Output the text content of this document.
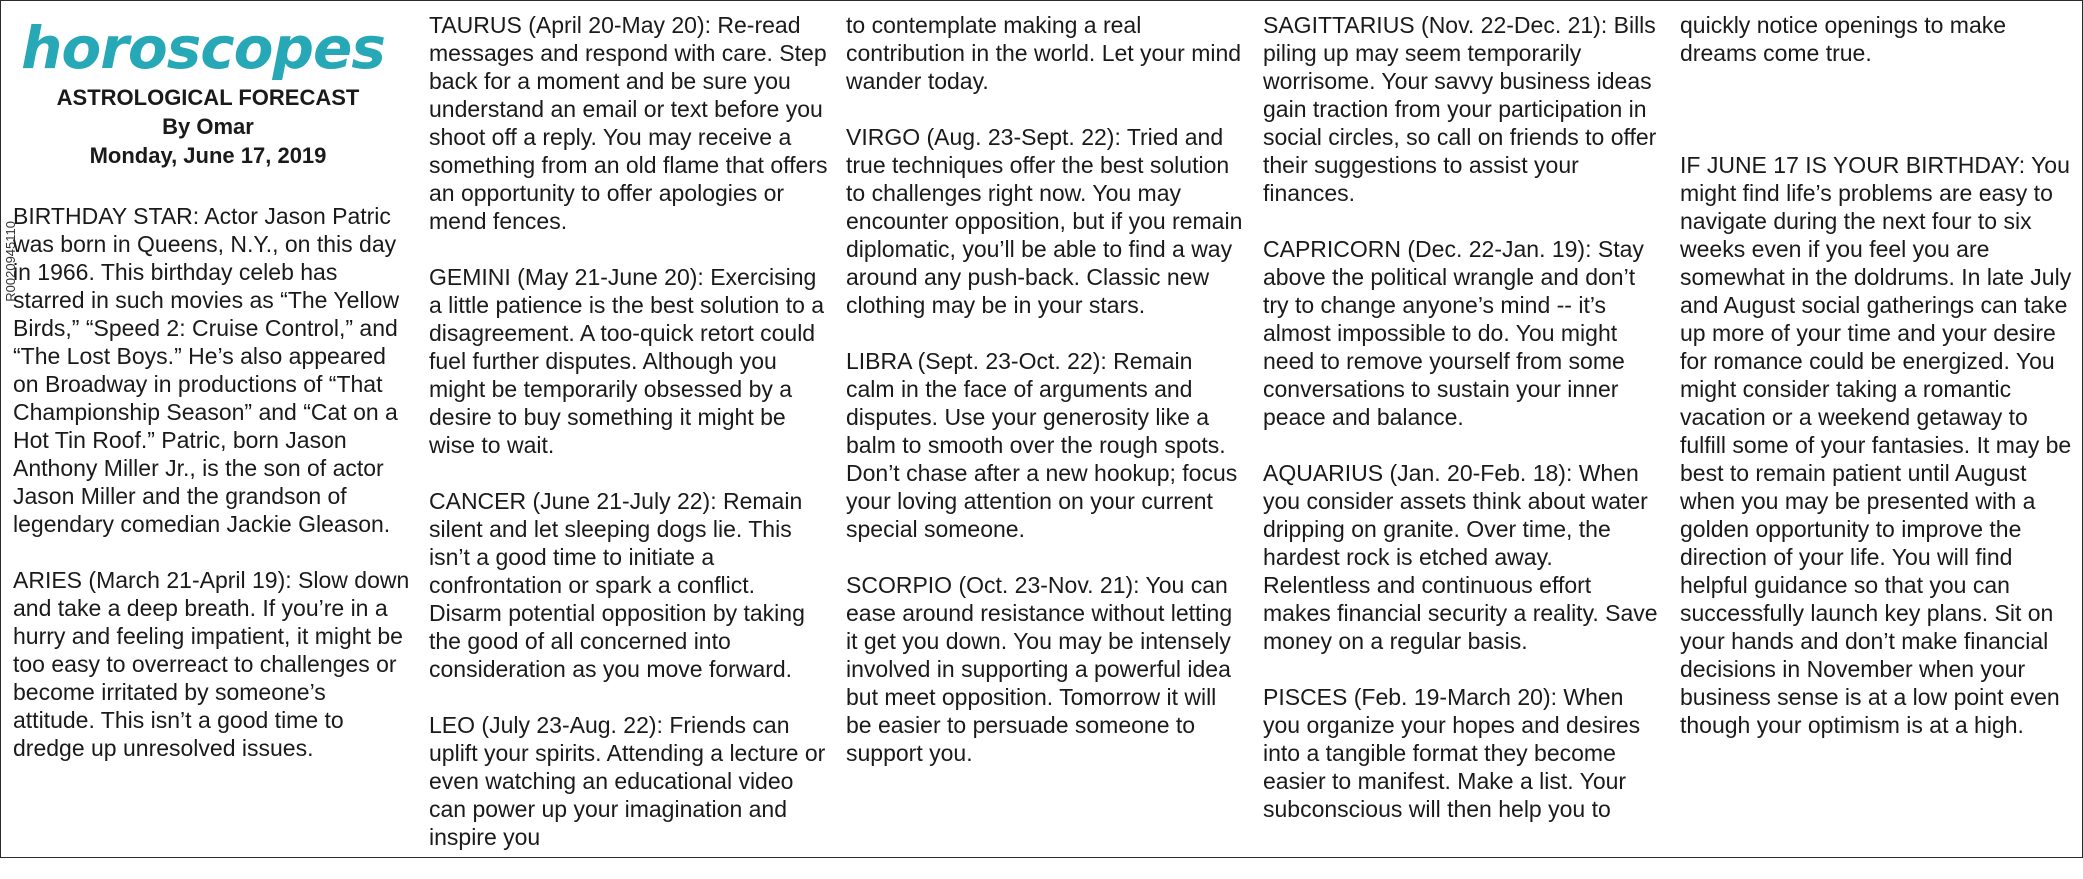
R0020945110
horoscopes
ASTROLOGICAL FORECAST
By Omar
Monday, June 17, 2019

BIRTHDAY STAR: Actor Jason Patric was born in Queens, N.Y., on this day in 1966. This birthday celeb has starred in such movies as “The Yellow Birds,” “Speed 2: Cruise Control,” and “The Lost Boys.” He’s also appeared on Broadway in productions of “That Championship Season” and “Cat on a Hot Tin Roof.” Patric, born Jason Anthony Miller Jr., is the son of actor Jason Miller and the grandson of legendary comedian Jackie Gleason.

ARIES (March 21-April 19): Slow down and take a deep breath. If you’re in a hurry and feeling impatient, it might be too easy to overreact to challenges or become irritated by someone’s attitude. This isn’t a good time to dredge up unresolved issues.

TAURUS (April 20-May 20): Re-read messages and respond with care. Step back for a moment and be sure you understand an email or text before you shoot off a reply. You may receive a something from an old flame that offers an opportunity to offer apologies or mend fences.

GEMINI (May 21-June 20): Exercising a little patience is the best solution to a disagreement. A too-quick retort could fuel further disputes. Although you might be temporarily obsessed by a desire to buy something it might be wise to wait.

CANCER (June 21-July 22): Remain silent and let sleeping dogs lie. This isn’t a good time to initiate a confrontation or spark a conflict. Disarm potential opposition by taking the good of all concerned into consideration as you move forward.

LEO (July 23-Aug. 22): Friends can uplift your spirits. Attending a lecture or even watching an educational video can power up your imagination and inspire you

to contemplate making a real contribution in the world. Let your mind wander today.

VIRGO (Aug. 23-Sept. 22): Tried and true techniques offer the best solution to challenges right now. You may encounter opposition, but if you remain diplomatic, you’ll be able to find a way around any push-back. Classic new clothing may be in your stars.

LIBRA (Sept. 23-Oct. 22): Remain calm in the face of arguments and disputes. Use your generosity like a balm to smooth over the rough spots. Don’t chase after a new hookup; focus your loving attention on your current special someone.

SCORPIO (Oct. 23-Nov. 21): You can ease around resistance without letting it get you down. You may be intensely involved in supporting a powerful idea but meet opposition. Tomorrow it will be easier to persuade someone to support you.

SAGITTARIUS (Nov. 22-Dec. 21): Bills piling up may seem temporarily worrisome. Your savvy business ideas gain traction from your participation in social circles, so call on friends to offer their suggestions to assist your finances.

CAPRICORN (Dec. 22-Jan. 19): Stay above the political wrangle and don’t try to change anyone’s mind -- it’s almost impossible to do. You might need to remove yourself from some conversations to sustain your inner peace and balance.

AQUARIUS (Jan. 20-Feb. 18): When you consider assets think about water dripping on granite. Over time, the hardest rock is etched away. Relentless and continuous effort makes financial security a reality. Save money on a regular basis.

PISCES (Feb. 19-March 20): When you organize your hopes and desires into a tangible format they become easier to manifest. Make a list. Your subconscious will then help you to

quickly notice openings to make dreams come true.

IF JUNE 17 IS YOUR BIRTHDAY: You might find life’s problems are easy to navigate during the next four to six weeks even if you feel you are somewhat in the doldrums. In late July and August social gatherings can take up more of your time and your desire for romance could be energized. You might consider taking a romantic vacation or a weekend getaway to fulfill some of your fantasies. It may be best to remain patient until August when you may be presented with a golden opportunity to improve the direction of your life. You will find helpful guidance so that you can successfully launch key plans. Sit on your hands and don’t make financial decisions in November when your business sense is at a low point even though your optimism is at a high.
